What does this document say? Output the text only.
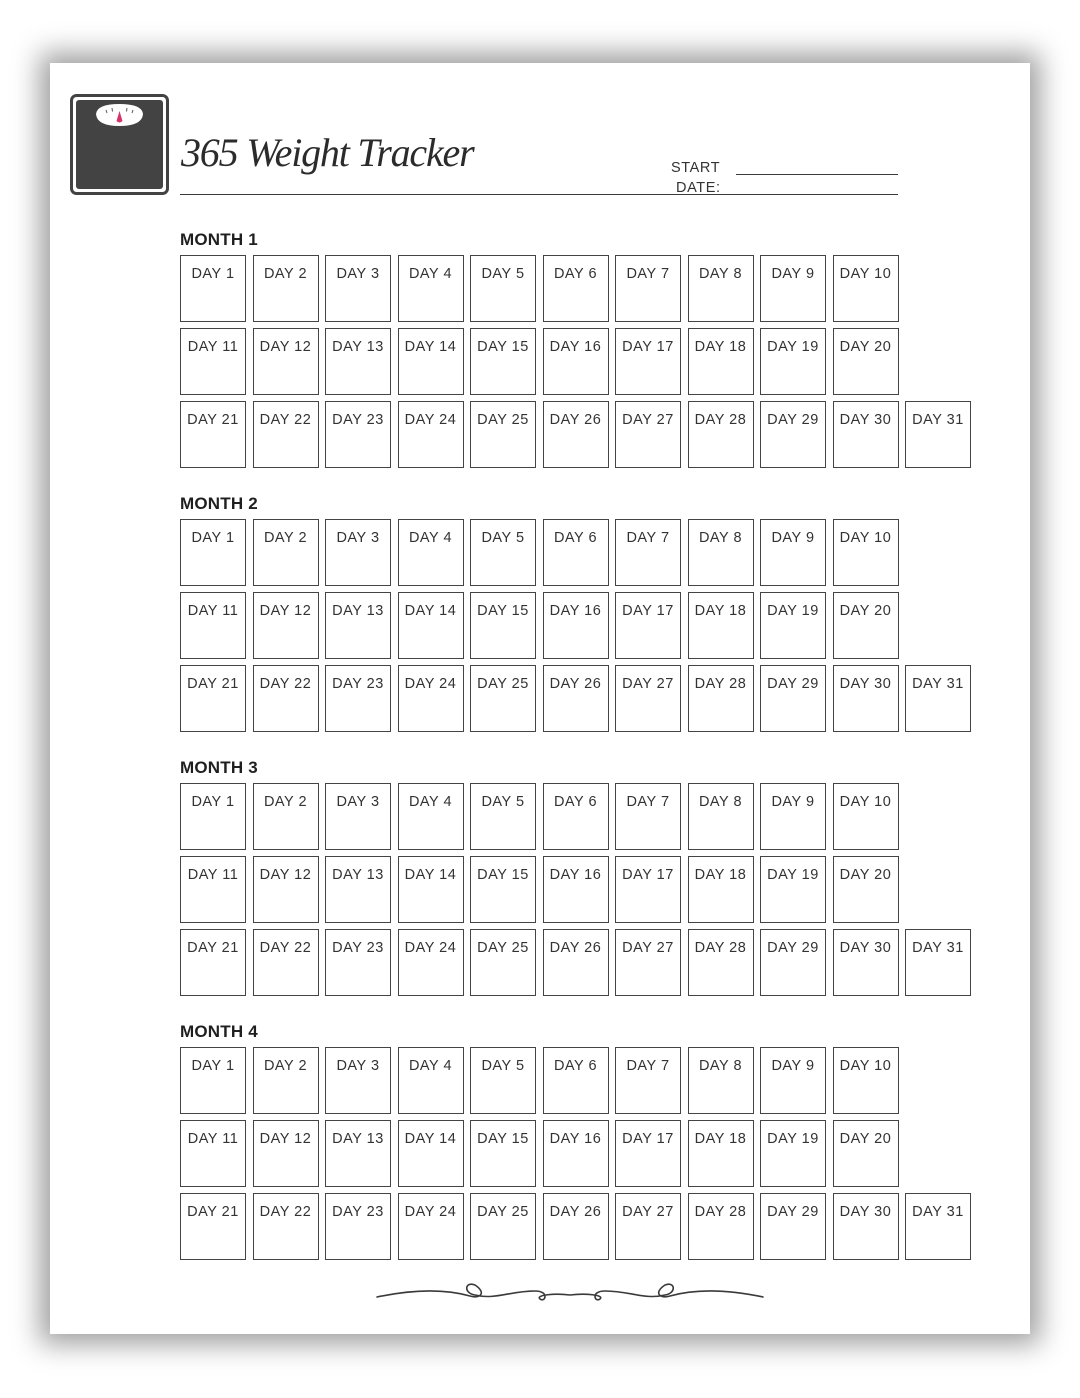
365 Weight Tracker	START
DATE:
MONTH 1
DAY 1	DAY 2	DAY 3	DAY 4	DAY 5	DAY 6	DAY 7	DAY 8	DAY 9	DAY 10
DAY 11	DAY 12	DAY 13	DAY 14	DAY 15	DAY 16	DAY 17	DAY 18	DAY 19	DAY 20
DAY 21	DAY 22	DAY 23	DAY 24	DAY 25	DAY 26	DAY 27	DAY 28	DAY 29	DAY 30	DAY 31
MONTH 2
DAY 1	DAY 2	DAY 3	DAY 4	DAY 5	DAY 6	DAY 7	DAY 8	DAY 9	DAY 10
DAY 11	DAY 12	DAY 13	DAY 14	DAY 15	DAY 16	DAY 17	DAY 18	DAY 19	DAY 20
DAY 21	DAY 22	DAY 23	DAY 24	DAY 25	DAY 26	DAY 27	DAY 28	DAY 29	DAY 30	DAY 31
MONTH 3
DAY 1	DAY 2	DAY 3	DAY 4	DAY 5	DAY 6	DAY 7	DAY 8	DAY 9	DAY 10
DAY 11	DAY 12	DAY 13	DAY 14	DAY 15	DAY 16	DAY 17	DAY 18	DAY 19	DAY 20
DAY 21	DAY 22	DAY 23	DAY 24	DAY 25	DAY 26	DAY 27	DAY 28	DAY 29	DAY 30	DAY 31
MONTH 4
DAY 1	DAY 2	DAY 3	DAY 4	DAY 5	DAY 6	DAY 7	DAY 8	DAY 9	DAY 10
DAY 11	DAY 12	DAY 13	DAY 14	DAY 15	DAY 16	DAY 17	DAY 18	DAY 19	DAY 20
DAY 21	DAY 22	DAY 23	DAY 24	DAY 25	DAY 26	DAY 27	DAY 28	DAY 29	DAY 30	DAY 31
